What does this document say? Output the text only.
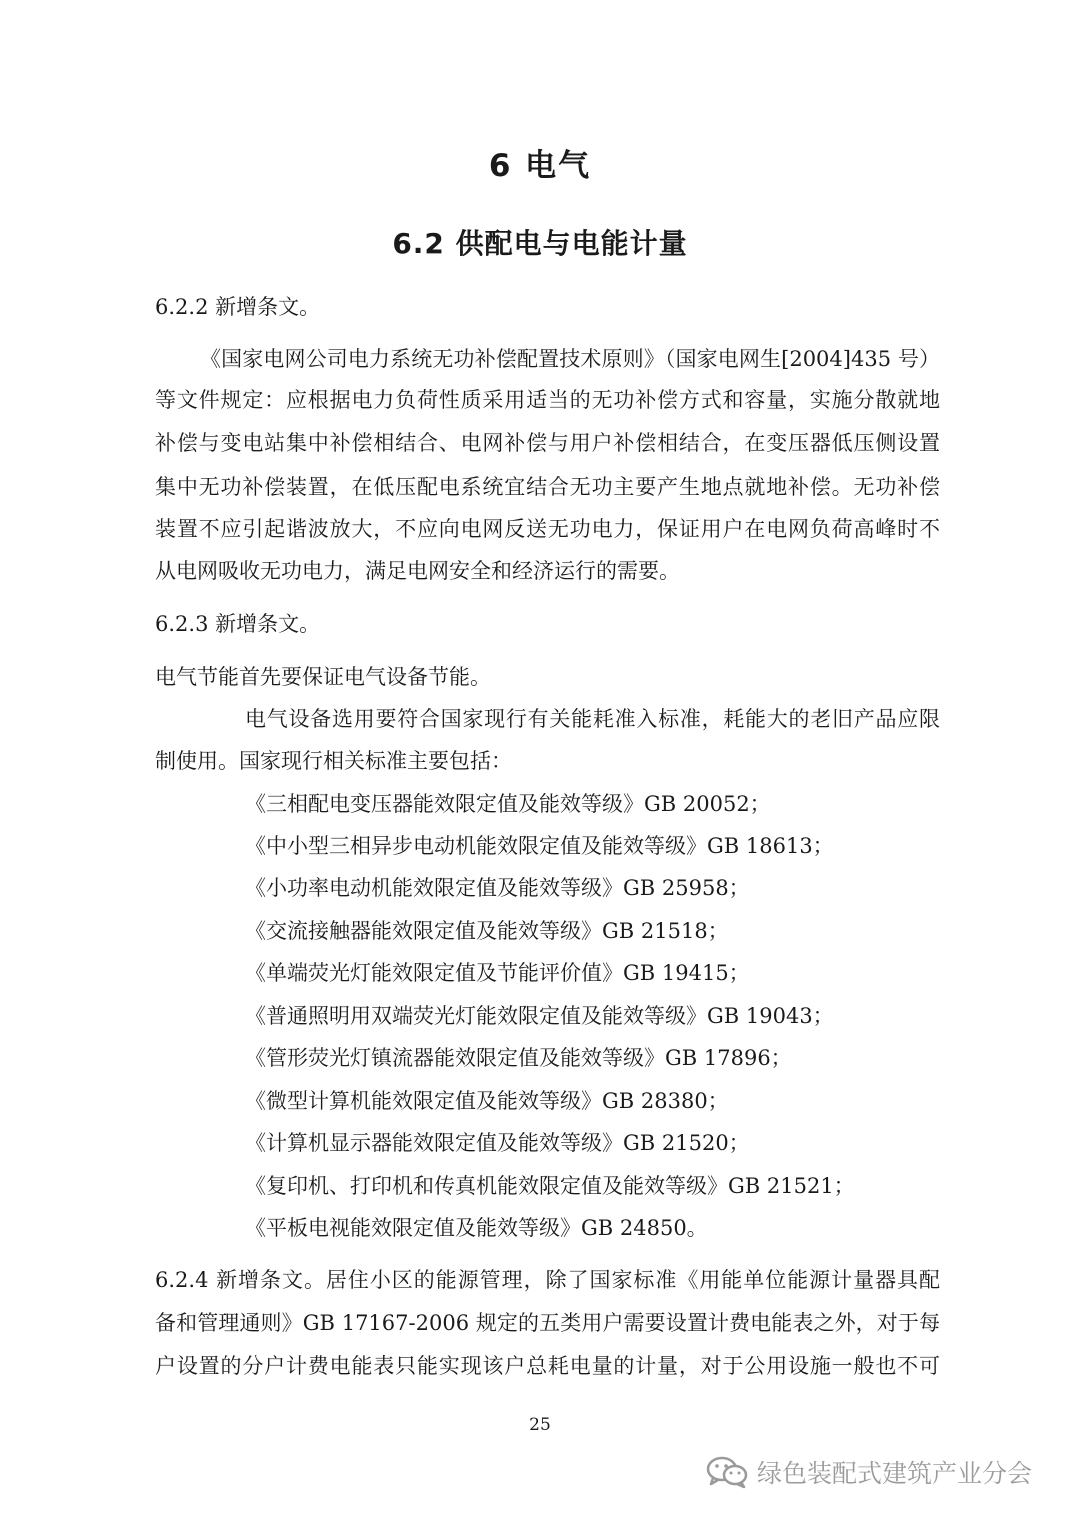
6 电气
6.2 供配电与电能计量
6.2.2 新增条文。
《国家电网公司电力系统无功补偿配置技术原则》（国家电网生[2004]435 号）
等文件规定：应根据电力负荷性质采用适当的无功补偿方式和容量，实施分散就地
补偿与变电站集中补偿相结合、电网补偿与用户补偿相结合，在变压器低压侧设置
集中无功补偿装置，在低压配电系统宜结合无功主要产生地点就地补偿。无功补偿
装置不应引起谐波放大，不应向电网反送无功电力，保证用户在电网负荷高峰时不
从电网吸收无功电力，满足电网安全和经济运行的需要。
6.2.3 新增条文。
电气节能首先要保证电气设备节能。
电气设备选用要符合国家现行有关能耗准入标准，耗能大的老旧产品应限
制使用。国家现行相关标准主要包括：
《三相配电变压器能效限定值及能效等级》GB 20052；
《中小型三相异步电动机能效限定值及能效等级》GB 18613；
《小功率电动机能效限定值及能效等级》GB 25958；
《交流接触器能效限定值及能效等级》GB 21518；
《单端荧光灯能效限定值及节能评价值》GB 19415；
《普通照明用双端荧光灯能效限定值及能效等级》GB 19043；
《管形荧光灯镇流器能效限定值及能效等级》GB 17896；
《微型计算机能效限定值及能效等级》GB 28380；
《计算机显示器能效限定值及能效等级》GB 21520；
《复印机、打印机和传真机能效限定值及能效等级》GB 21521；
《平板电视能效限定值及能效等级》GB 24850。
6.2.4 新增条文。居住小区的能源管理，除了国家标准《用能单位能源计量器具配
备和管理通则》GB 17167-2006 规定的五类用户需要设置计费电能表之外，对于每
户设置的分户计费电能表只能实现该户总耗电量的计量，对于公用设施一般也不可
25
绿色装配式建筑产业分会
